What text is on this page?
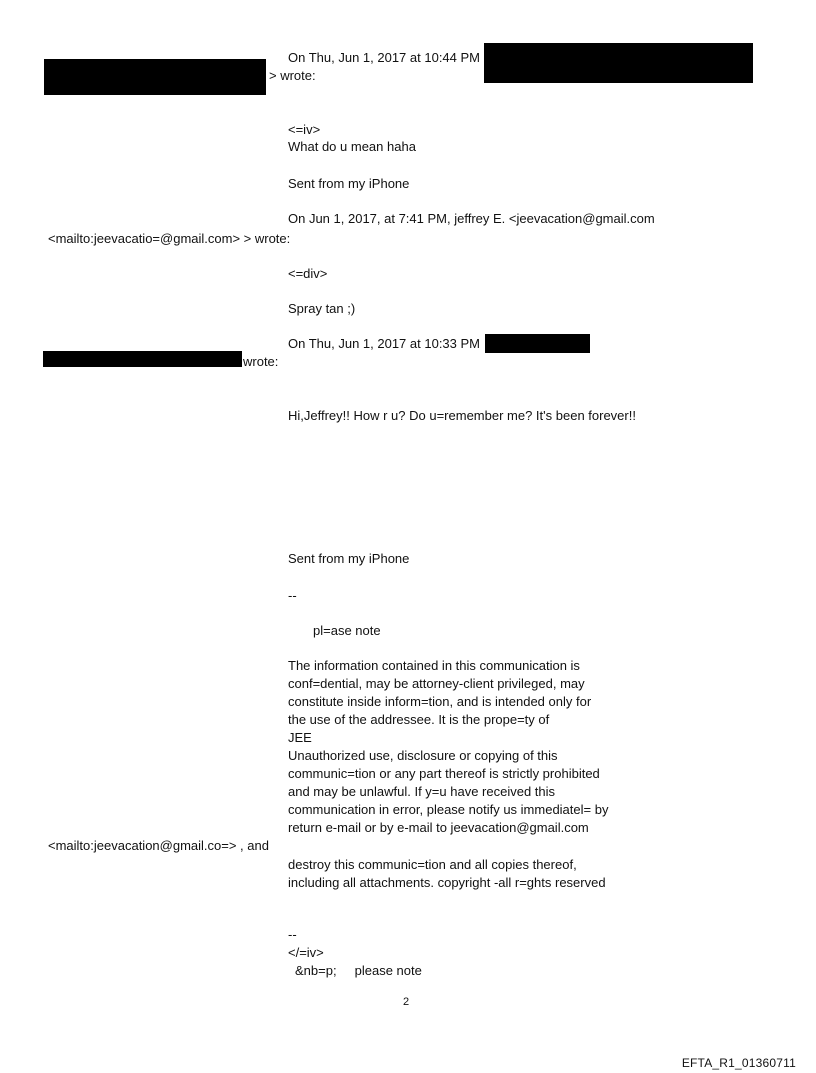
On Thu, Jun 1, 2017 at 10:44 PM
> wrote:
<=iv>
What do u mean haha
Sent from my iPhone
On Jun 1, 2017, at 7:41 PM, jeffrey E. <jeevacation@gmail.com
<mailto:jeevacatio=@gmail.com> > wrote:
<=div>
Spray tan ;)
On Thu, Jun 1, 2017 at 10:33 PM
wrote:
Hi,Jeffrey!! How r u? Do u=remember me? It's been forever!!
Sent from my iPhone
--
pl=ase note
The information contained in this communication is
conf=dential, may be attorney-client privileged, may
constitute inside inform=tion, and is intended only for
the use of the addressee. It is the prope=ty of
JEE
Unauthorized use, disclosure or copying of this
communic=tion or any part thereof is strictly prohibited
and may be unlawful. If y=u have received this
communication in error, please notify us immediatel= by
return e-mail or by e-mail to jeevacation@gmail.com
<mailto:jeevacation@gmail.co=> , and
destroy this communic=tion and all copies thereof,
including all attachments. copyright -all r=ghts reserved
--
</=iv>
&nb=p;     please note
2
EFTA_R1_01360711
